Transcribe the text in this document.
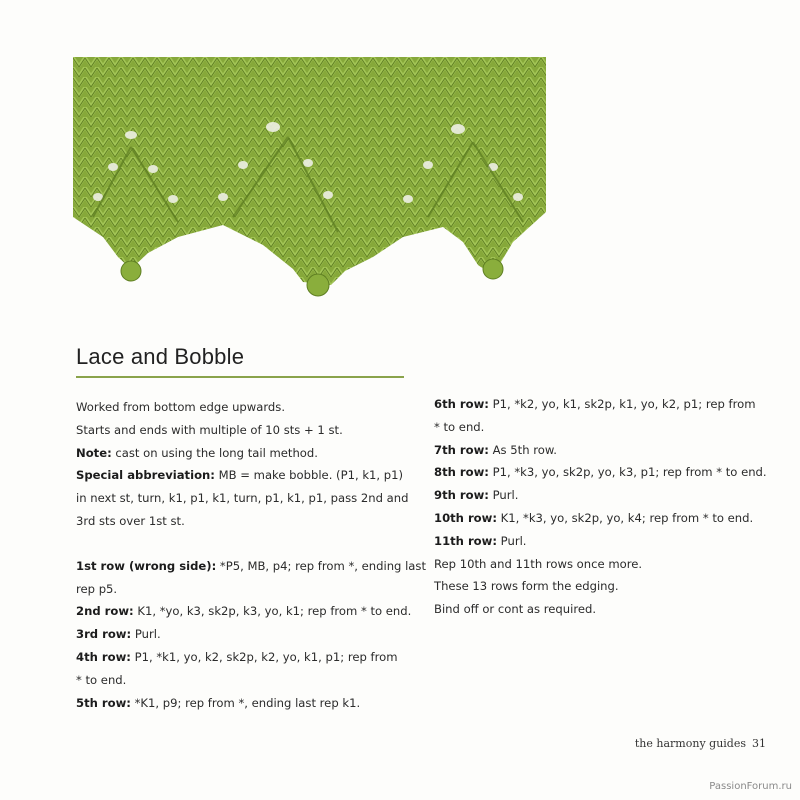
Lace and Bobble
Worked from bottom edge upwards.
Starts and ends with multiple of 10 sts + 1 st.
Note: cast on using the long tail method.
Special abbreviation: MB = make bobble. (P1, k1, p1)
in next st, turn, k1, p1, k1, turn, p1, k1, p1, pass 2nd and
3rd sts over 1st st.
1st row (wrong side): *P5, MB, p4; rep from *, ending last
rep p5.
2nd row: K1, *yo, k3, sk2p, k3, yo, k1; rep from * to end.
3rd row: Purl.
4th row: P1, *k1, yo, k2, sk2p, k2, yo, k1, p1; rep from
* to end.
5th row: *K1, p9; rep from *, ending last rep k1.
6th row: P1, *k2, yo, k1, sk2p, k1, yo, k2, p1; rep from
* to end.
7th row: As 5th row.
8th row: P1, *k3, yo, sk2p, yo, k3, p1; rep from * to end.
9th row: Purl.
10th row: K1, *k3, yo, sk2p, yo, k4; rep from * to end.
11th row: Purl.
Rep 10th and 11th rows once more.
These 13 rows form the edging.
Bind off or cont as required.
the harmony guides 31
PassionForum.ru
